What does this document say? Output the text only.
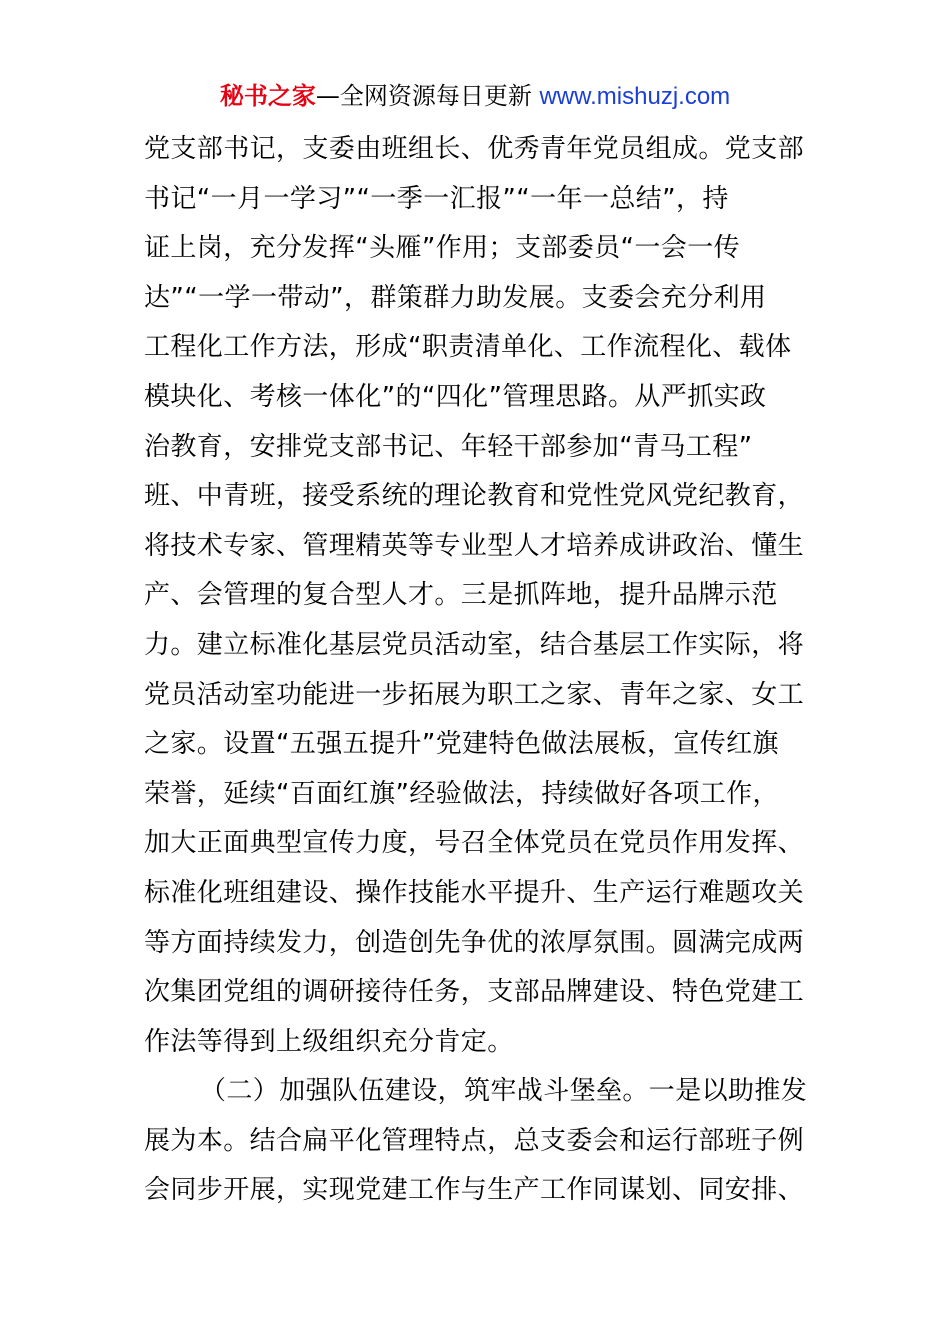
秘书之家—全网资源每日更新 www.mishuzj.com
党支部书记，支委由班组长、优秀青年党员组成。党支部
书记“一月一学习”“一季一汇报”“一年一总结”，持
证上岗，充分发挥“头雁”作用；支部委员“一会一传
达”“一学一带动”，群策群力助发展。支委会充分利用
工程化工作方法，形成“职责清单化、工作流程化、载体
模块化、考核一体化”的“四化”管理思路。从严抓实政
治教育，安排党支部书记、年轻干部参加“青马工程”
班、中青班，接受系统的理论教育和党性党风党纪教育，
将技术专家、管理精英等专业型人才培养成讲政治、懂生
产、会管理的复合型人才。三是抓阵地，提升品牌示范
力。建立标准化基层党员活动室，结合基层工作实际，将
党员活动室功能进一步拓展为职工之家、青年之家、女工
之家。设置“五强五提升”党建特色做法展板，宣传红旗
荣誉，延续“百面红旗”经验做法，持续做好各项工作，
加大正面典型宣传力度，号召全体党员在党员作用发挥、
标准化班组建设、操作技能水平提升、生产运行难题攻关
等方面持续发力，创造创先争优的浓厚氛围。圆满完成两
次集团党组的调研接待任务，支部品牌建设、特色党建工
作法等得到上级组织充分肯定。
（二）加强队伍建设，筑牢战斗堡垒。一是以助推发
展为本。结合扁平化管理特点，总支委会和运行部班子例
会同步开展，实现党建工作与生产工作同谋划、同安排、
